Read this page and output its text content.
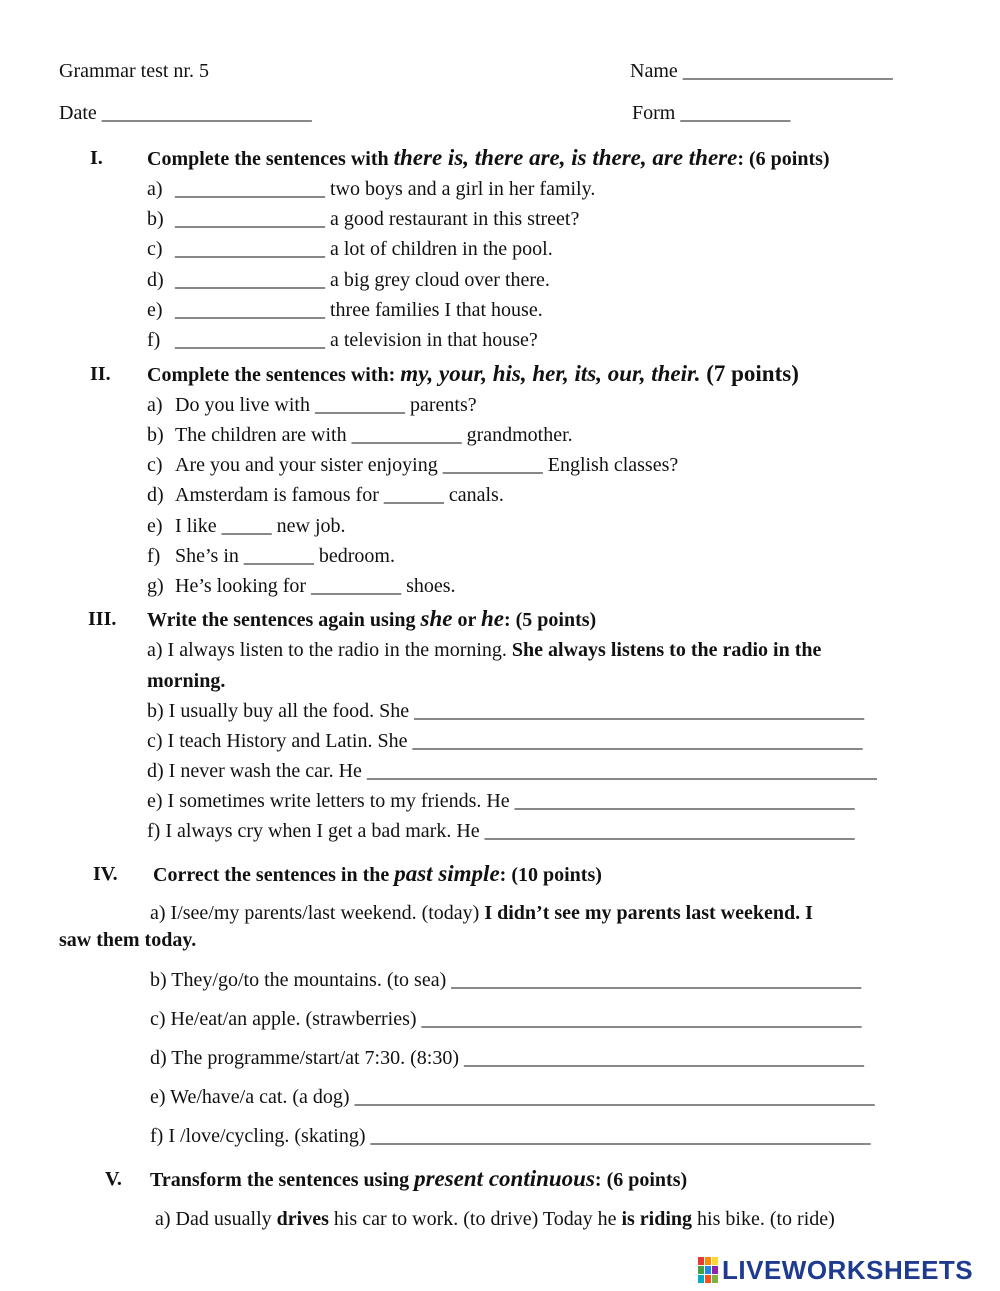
Grammar test nr. 5	Name _____________________
Date _____________________	Form ___________
I. Complete the sentences with there is, there are, is there, are there: (6 points)
a) _______________ two boys and a girl in her family.
b) _______________ a good restaurant in this street?
c) _______________ a lot of children in the pool.
d) _______________ a big grey cloud over there.
e) _______________ three families I that house.
f) _______________ a television in that house?
II. Complete the sentences with: my, your, his, her, its, our, their. (7 points)
a) Do you live with _________ parents?
b) The children are with ___________ grandmother.
c) Are you and your sister enjoying __________ English classes?
d) Amsterdam is famous for ______ canals.
e) I like _____ new job.
f) She’s in _______ bedroom.
g) He’s looking for _________ shoes.
III. Write the sentences again using she or he: (5 points)
a) I always listen to the radio in the morning. She always listens to the radio in the
morning.
b) I usually buy all the food. She _____________________________________________
c) I teach History and Latin. She _____________________________________________
d) I never wash the car. He ___________________________________________________
e) I sometimes write letters to my friends. He __________________________________
f) I always cry when I get a bad mark. He _____________________________________
IV. Correct the sentences in the past simple: (10 points)
a) I/see/my parents/last weekend. (today) I didn’t see my parents last weekend. I
saw them today.
b) They/go/to the mountains. (to sea) _________________________________________
c) He/eat/an apple. (strawberries) ____________________________________________
d) The programme/start/at 7:30. (8:30) ________________________________________
e) We/have/a cat. (a dog) ____________________________________________________
f) I /love/cycling. (skating) __________________________________________________
V. Transform the sentences using present continuous: (6 points)
a) Dad usually drives his car to work. (to drive) Today he is riding his bike. (to ride)
LIVEWORKSHEETS
